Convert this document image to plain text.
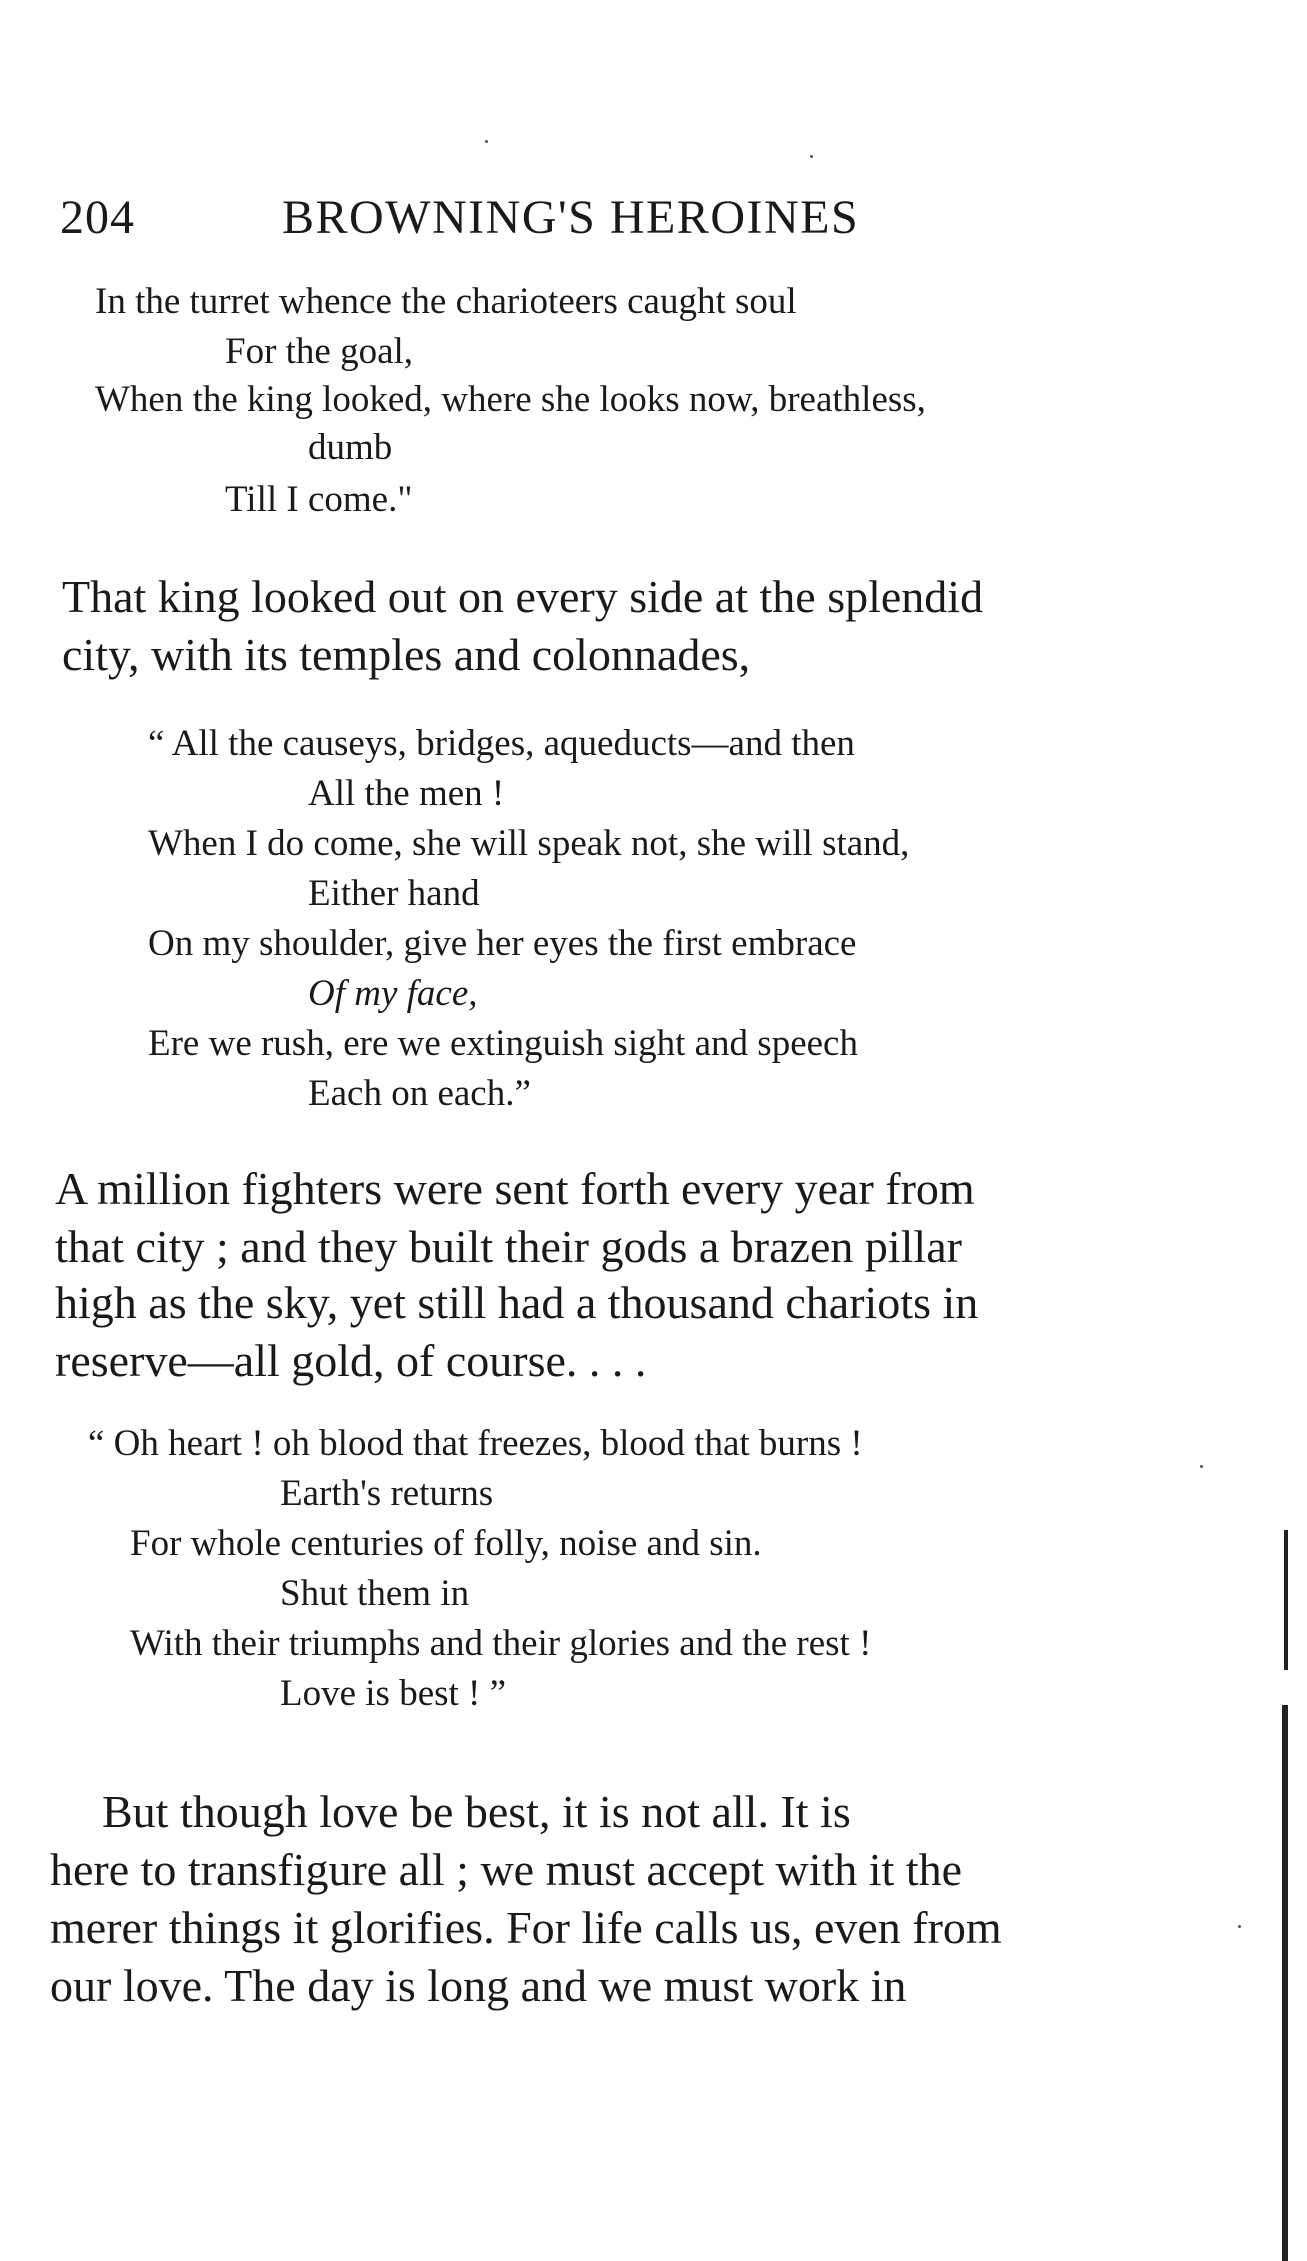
204	BROWNING'S HEROINES
In the turret whence the charioteers caught soul
For the goal,
When the king looked, where she looks now, breathless,
dumb
Till I come."
That king looked out on every side at the splendid
city, with its temples and colonnades,
“ All the causeys, bridges, aqueducts—and then
All the men !
When I do come, she will speak not, she will stand,
Either hand
On my shoulder, give her eyes the first embrace
Of my face,
Ere we rush, ere we extinguish sight and speech
Each on each.”
A million fighters were sent forth every year from
that city ; and they built their gods a brazen pillar
high as the sky, yet still had a thousand chariots in
reserve—all gold, of course. . . .
“ Oh heart ! oh blood that freezes, blood that burns !
Earth's returns
For whole centuries of folly, noise and sin.
Shut them in
With their triumphs and their glories and the rest !
Love is best ! ”
But though love be best, it is not all. It is
here to transfigure all ; we must accept with it the
merer things it glorifies. For life calls us, even from
our love. The day is long and we must work in
